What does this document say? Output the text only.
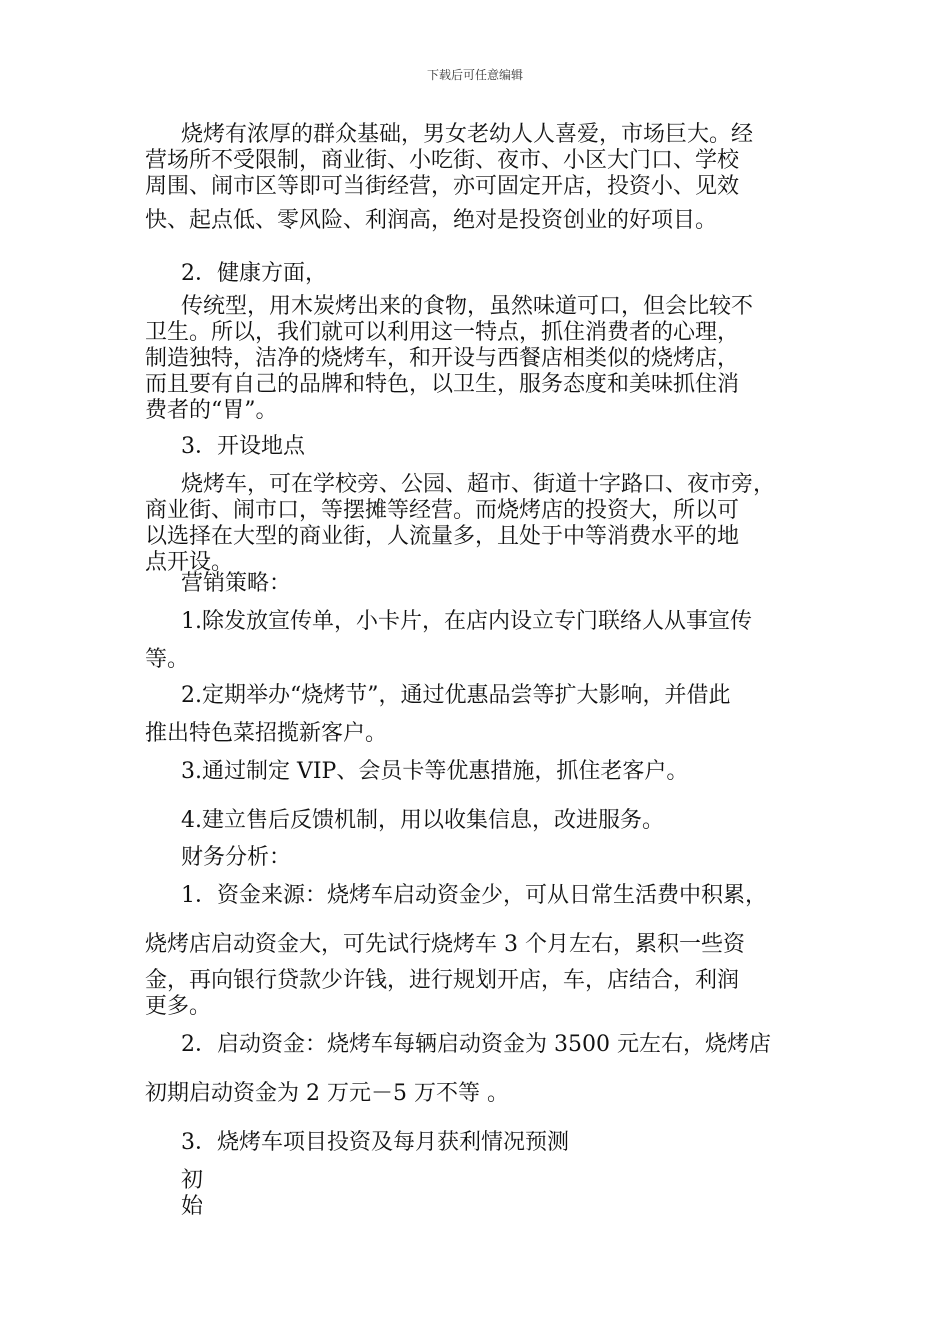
下载后可任意编辑
烧烤有浓厚的群众基础，男女老幼人人喜爱，市场巨大。经
营场所不受限制，商业街、小吃街、夜市、小区大门口、学校
周围、闹市区等即可当街经营，亦可固定开店，投资小、见效
快、起点低、零风险、利润高，绝对是投资创业的好项目。
2．健康方面，
传统型，用木炭烤出来的食物，虽然味道可口，但会比较不
卫生。所以，我们就可以利用这一特点，抓住消费者的心理，
制造独特，洁净的烧烤车，和开设与西餐店相类似的烧烤店，
而且要有自己的品牌和特色，以卫生，服务态度和美味抓住消
费者的“胃”。
3．开设地点
烧烤车，可在学校旁、公园、超市、街道十字路口、夜市旁，
商业街、闹市口，等摆摊等经营。而烧烤店的投资大，所以可
以选择在大型的商业街，人流量多，且处于中等消费水平的地
点开设。
营销策略：
1.除发放宣传单，小卡片，在店内设立专门联络人从事宣传
等。
2.定期举办“烧烤节”，通过优惠品尝等扩大影响，并借此
推出特色菜招揽新客户。
3.通过制定 VIP、会员卡等优惠措施，抓住老客户。
4.建立售后反馈机制，用以收集信息，改进服务。
财务分析：
1．资金来源：烧烤车启动资金少，可从日常生活费中积累，
烧烤店启动资金大，可先试行烧烤车 3 个月左右，累积一些资
金，再向银行贷款少许钱，进行规划开店，车，店结合，利润
更多。
2．启动资金：烧烤车每辆启动资金为 3500 元左右，烧烤店
初期启动资金为 2 万元－5 万不等 。
3．烧烤车项目投资及每月获利情况预测
初
始
